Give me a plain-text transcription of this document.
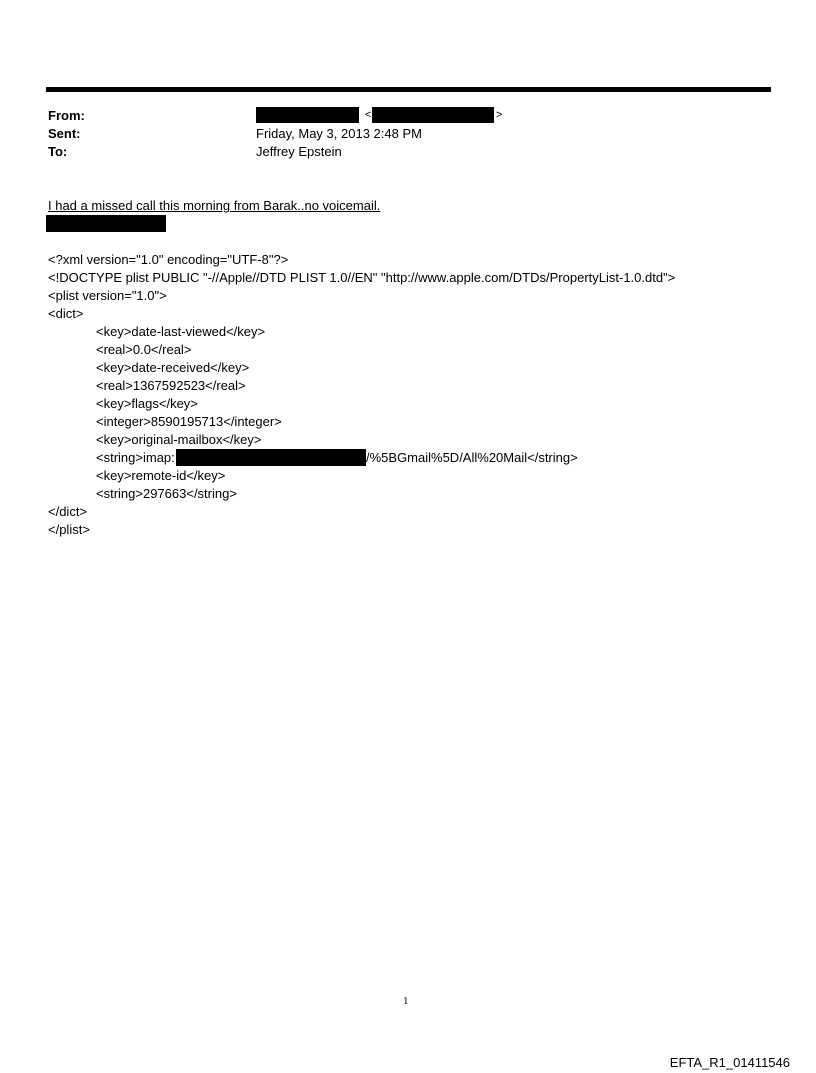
From:
Sent:
To:
<	>
Friday, May 3, 2013 2:48 PM
Jeffrey Epstein
I had a missed call this morning from Barak..no voicemail.
<?xml version="1.0" encoding="UTF-8"?>
<!DOCTYPE plist PUBLIC "-//Apple//DTD PLIST 1.0//EN" "http://www.apple.com/DTDs/PropertyList-1.0.dtd">
<plist version="1.0">
<dict>
<key>date-last-viewed</key>
<real>0.0</real>
<key>date-received</key>
<real>1367592523</real>
<key>flags</key>
<integer>8590195713</integer>
<key>original-mailbox</key>
<string>imap:	/%5BGmail%5D/All%20Mail</string>
<key>remote-id</key>
<string>297663</string>
</dict>
</plist>
1
EFTA_R1_01411546
